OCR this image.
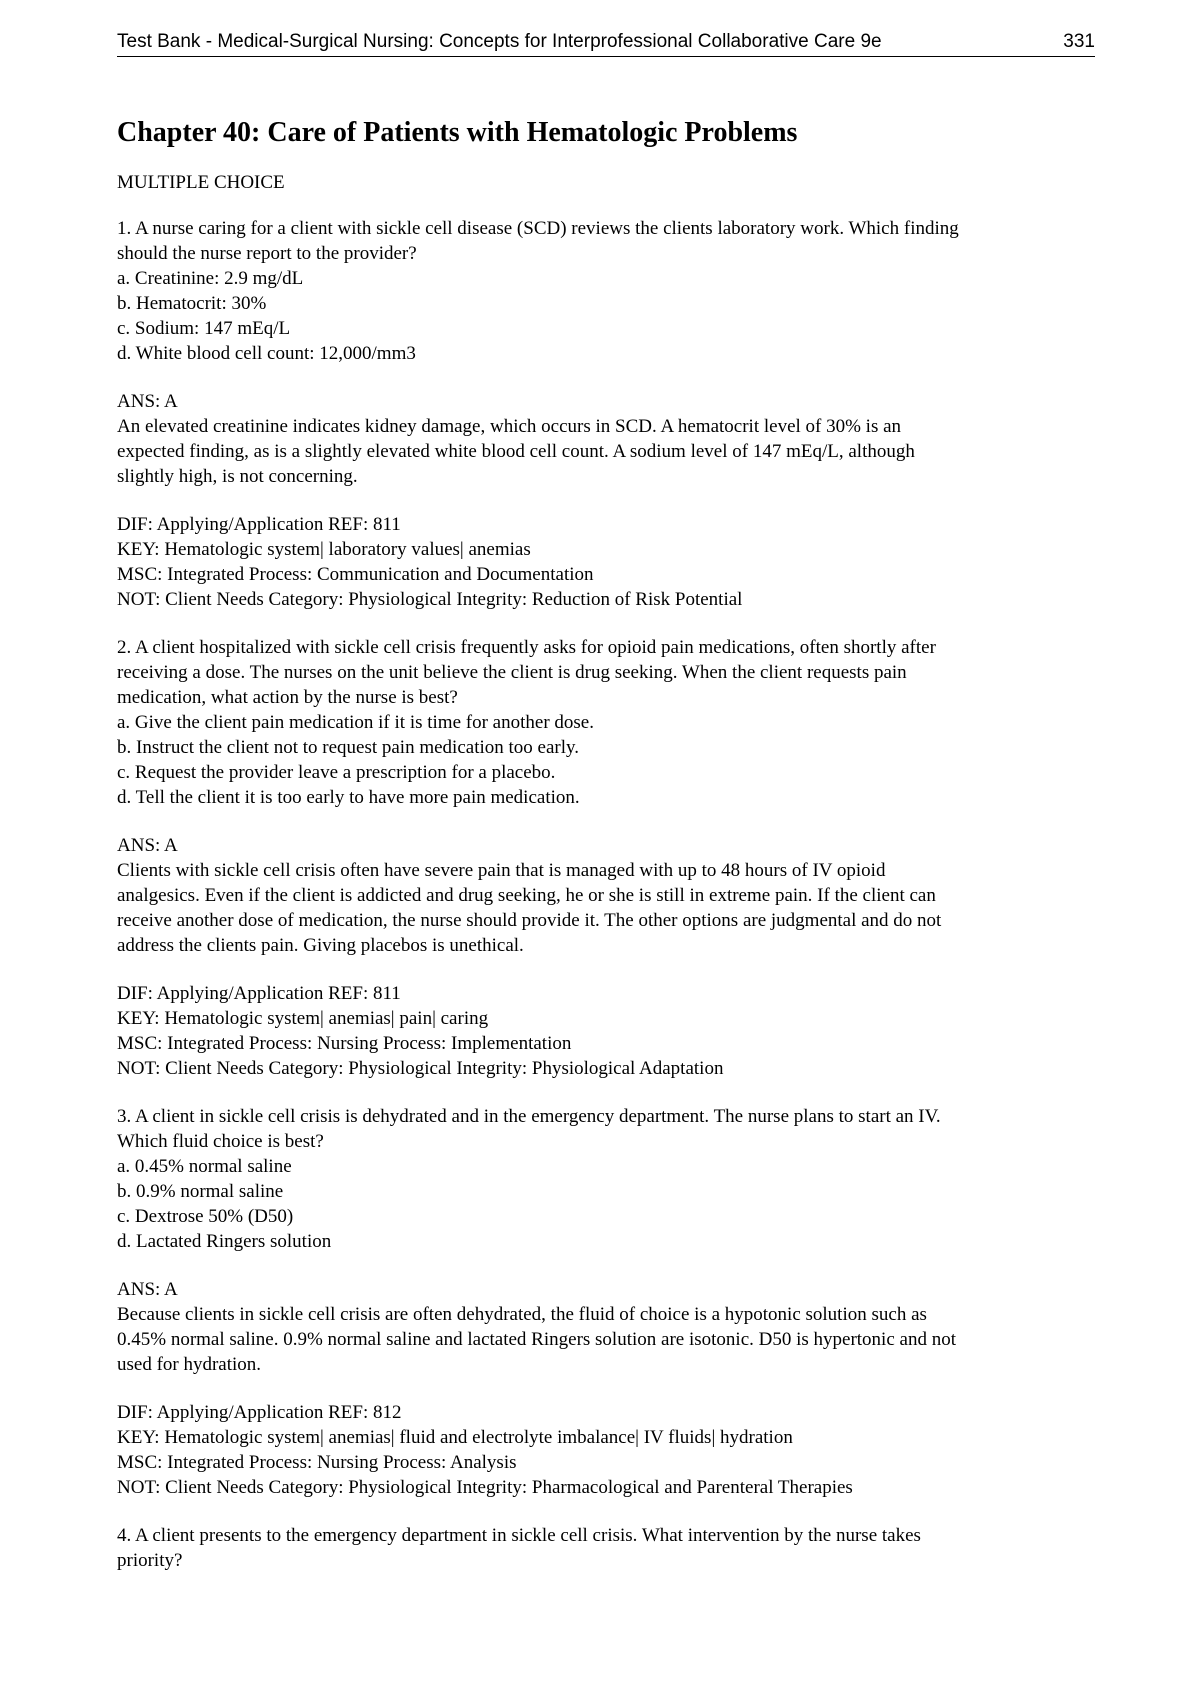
Test Bank - Medical-Surgical Nursing: Concepts for Interprofessional Collaborative Care 9e	331
Chapter 40: Care of Patients with Hematologic Problems
MULTIPLE CHOICE
1. A nurse caring for a client with sickle cell disease (SCD) reviews the clients laboratory work. Which finding
should the nurse report to the provider?
a. Creatinine: 2.9 mg/dL
b. Hematocrit: 30%
c. Sodium: 147 mEq/L
d. White blood cell count: 12,000/mm3
ANS: A
An elevated creatinine indicates kidney damage, which occurs in SCD. A hematocrit level of 30% is an
expected finding, as is a slightly elevated white blood cell count. A sodium level of 147 mEq/L, although
slightly high, is not concerning.
DIF: Applying/Application REF: 811
KEY: Hematologic system| laboratory values| anemias
MSC: Integrated Process: Communication and Documentation
NOT: Client Needs Category: Physiological Integrity: Reduction of Risk Potential
2. A client hospitalized with sickle cell crisis frequently asks for opioid pain medications, often shortly after
receiving a dose. The nurses on the unit believe the client is drug seeking. When the client requests pain
medication, what action by the nurse is best?
a. Give the client pain medication if it is time for another dose.
b. Instruct the client not to request pain medication too early.
c. Request the provider leave a prescription for a placebo.
d. Tell the client it is too early to have more pain medication.
ANS: A
Clients with sickle cell crisis often have severe pain that is managed with up to 48 hours of IV opioid
analgesics. Even if the client is addicted and drug seeking, he or she is still in extreme pain. If the client can
receive another dose of medication, the nurse should provide it. The other options are judgmental and do not
address the clients pain. Giving placebos is unethical.
DIF: Applying/Application REF: 811
KEY: Hematologic system| anemias| pain| caring
MSC: Integrated Process: Nursing Process: Implementation
NOT: Client Needs Category: Physiological Integrity: Physiological Adaptation
3. A client in sickle cell crisis is dehydrated and in the emergency department. The nurse plans to start an IV.
Which fluid choice is best?
a. 0.45% normal saline
b. 0.9% normal saline
c. Dextrose 50% (D50)
d. Lactated Ringers solution
ANS: A
Because clients in sickle cell crisis are often dehydrated, the fluid of choice is a hypotonic solution such as
0.45% normal saline. 0.9% normal saline and lactated Ringers solution are isotonic. D50 is hypertonic and not
used for hydration.
DIF: Applying/Application REF: 812
KEY: Hematologic system| anemias| fluid and electrolyte imbalance| IV fluids| hydration
MSC: Integrated Process: Nursing Process: Analysis
NOT: Client Needs Category: Physiological Integrity: Pharmacological and Parenteral Therapies
4. A client presents to the emergency department in sickle cell crisis. What intervention by the nurse takes
priority?
